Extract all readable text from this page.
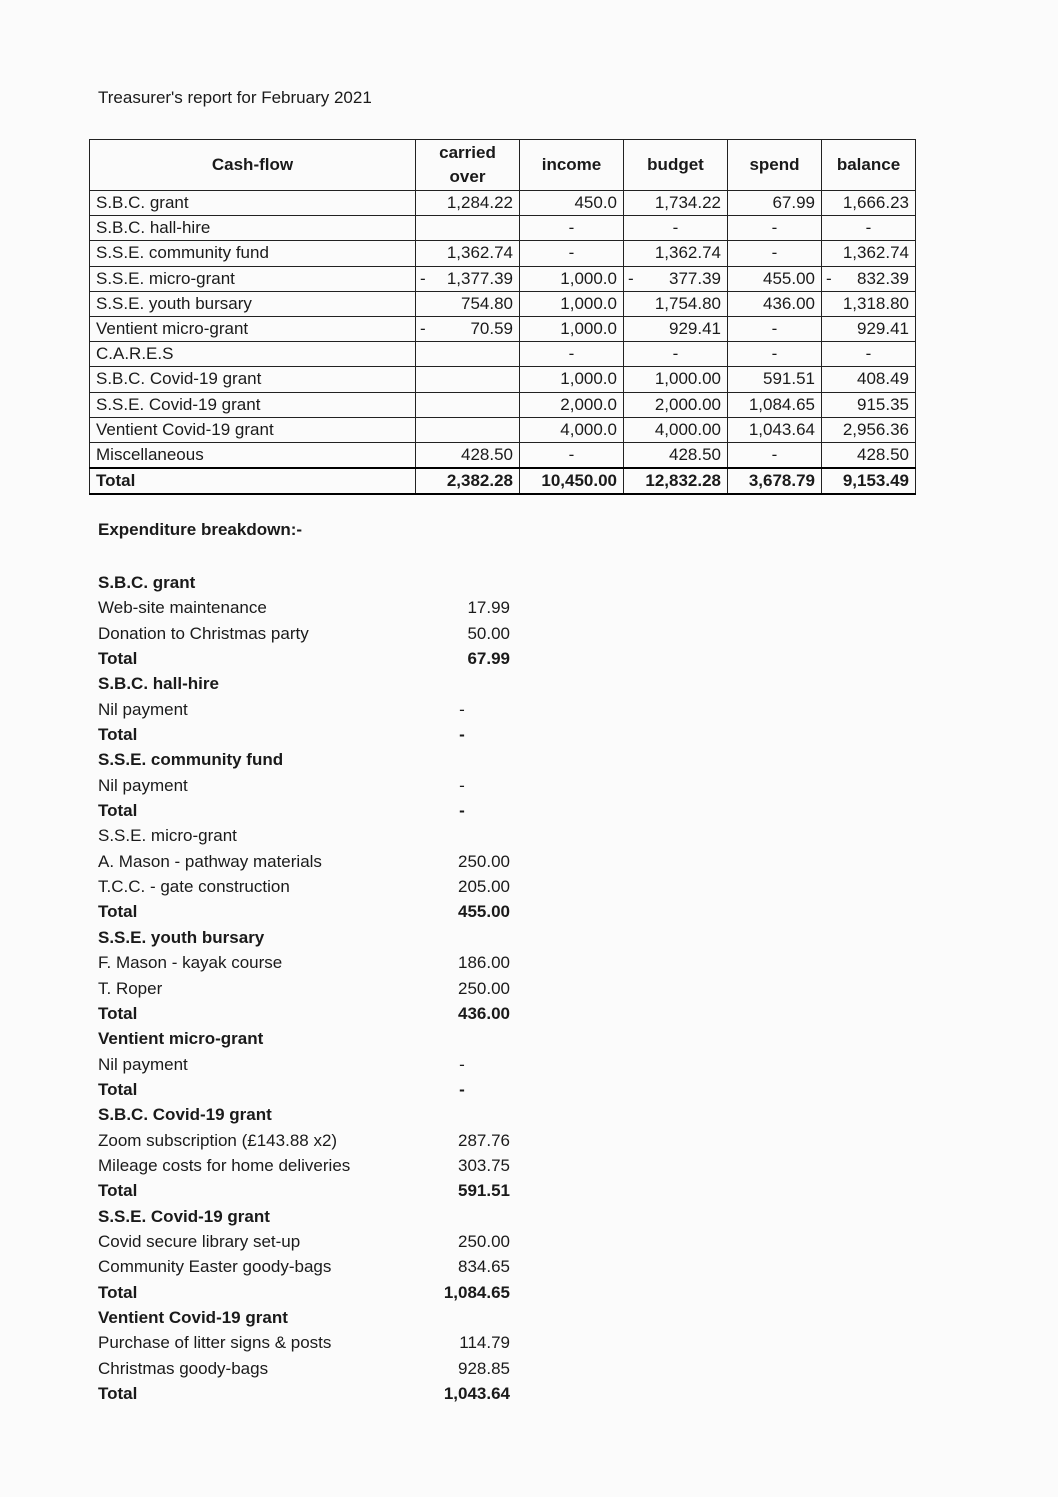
Treasurer's report for February 2021
Cash-flow	carried over	income	budget	spend	balance
S.B.C. grant	1,284.22	450.0	1,734.22	67.99	1,666.23
S.B.C. hall-hire		-	-	-	-
S.S.E. community fund	1,362.74	-	1,362.74	-	1,362.74
S.S.E. micro-grant	- 1,377.39	1,000.0	- 377.39	455.00	- 832.39
S.S.E. youth bursary	754.80	1,000.0	1,754.80	436.00	1,318.80
Ventient micro-grant	- 70.59	1,000.0	929.41	-	929.41
C.A.R.E.S		-	-	-	-
S.B.C. Covid-19 grant		1,000.0	1,000.00	591.51	408.49
S.S.E. Covid-19 grant		2,000.0	2,000.00	1,084.65	915.35
Ventient Covid-19 grant		4,000.0	4,000.00	1,043.64	2,956.36
Miscellaneous	428.50	-	428.50	-	428.50
Total	2,382.28	10,450.00	12,832.28	3,678.79	9,153.49
Expenditure breakdown:-
S.B.C. grant
Web-site maintenance	17.99
Donation to Christmas party	50.00
Total	67.99
S.B.C. hall-hire
Nil payment	-
Total	-
S.S.E. community fund
Nil payment	-
Total	-
S.S.E. micro-grant
A. Mason - pathway materials	250.00
T.C.C. - gate construction	205.00
Total	455.00
S.S.E. youth bursary
F. Mason - kayak course	186.00
T. Roper	250.00
Total	436.00
Ventient micro-grant
Nil payment	-
Total	-
S.B.C. Covid-19 grant
Zoom subscription (£143.88 x2)	287.76
Mileage costs for home deliveries	303.75
Total	591.51
S.S.E. Covid-19 grant
Covid secure library set-up	250.00
Community Easter goody-bags	834.65
Total	1,084.65
Ventient Covid-19 grant
Purchase of litter signs & posts	114.79
Christmas goody-bags	928.85
Total	1,043.64
